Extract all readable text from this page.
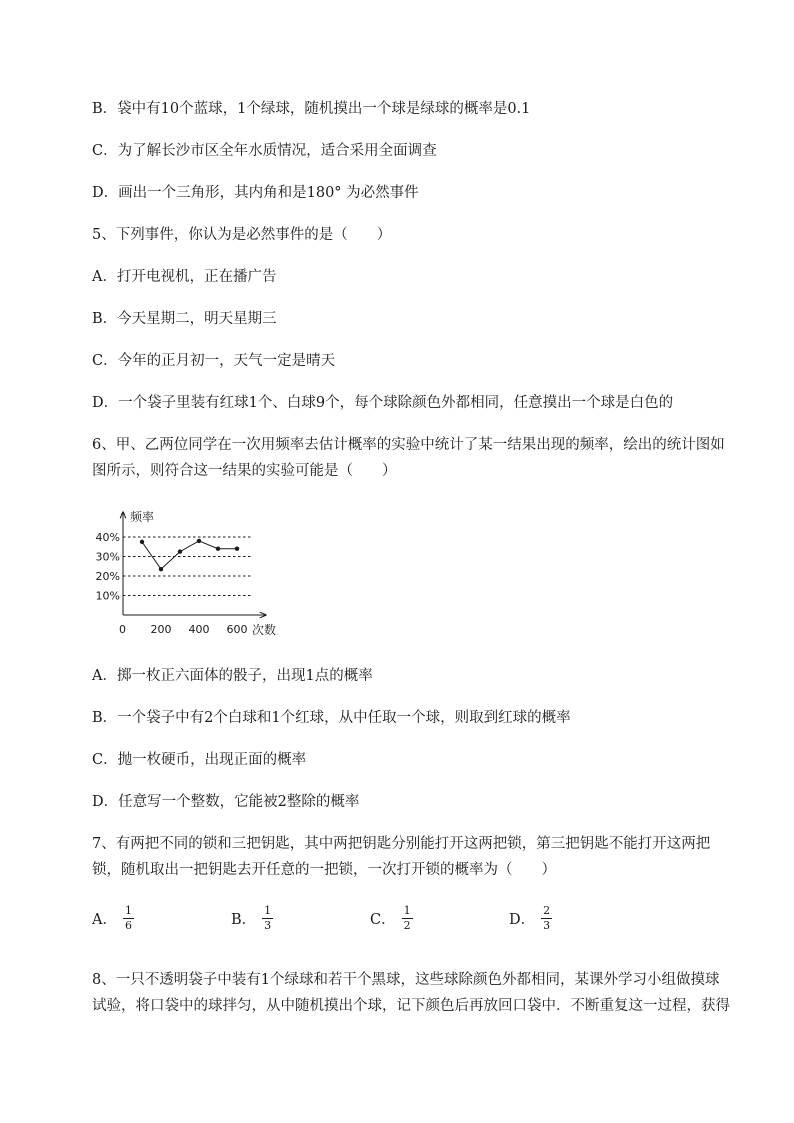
B．袋中有10个蓝球，1个绿球，随机摸出一个球是绿球的概率是0.1

C．为了解长沙市区全年水质情况，适合采用全面调查

D．画出一个三角形，其内角和是180° 为必然事件

5、下列事件，你认为是必然事件的是（　　）

A．打开电视机，正在播广告

B．今天星期二，明天星期三

C．今年的正月初一，天气一定是晴天

D．一个袋子里装有红球1个、白球9个，每个球除颜色外都相同，任意摸出一个球是白色的

6、甲、乙两位同学在一次用频率去估计概率的实验中统计了某一结果出现的频率，绘出的统计图如

图所示，则符合这一结果的实验可能是（　　）

频率
次数
0
10%
20%
30%
40%
200 400 600

A．掷一枚正六面体的骰子，出现1点的概率

B．一个袋子中有2个白球和1个红球，从中任取一个球，则取到红球的概率

C．抛一枚硬币，出现正面的概率

D．任意写一个整数，它能被2整除的概率

7、有两把不同的锁和三把钥匙，其中两把钥匙分别能打开这两把锁，第三把钥匙不能打开这两把

锁，随机取出一把钥匙去开任意的一把锁，一次打开锁的概率为（　　）

A． $\frac{1}{6}$	B． $\frac{1}{3}$	C． $\frac{1}{2}$	D． $\frac{2}{3}$

8、一只不透明袋子中装有1个绿球和若干个黑球，这些球除颜色外都相同，某课外学习小组做摸球

试验，将口袋中的球拌匀，从中随机摸出个球，记下颜色后再放回口袋中．不断重复这一过程，获得
